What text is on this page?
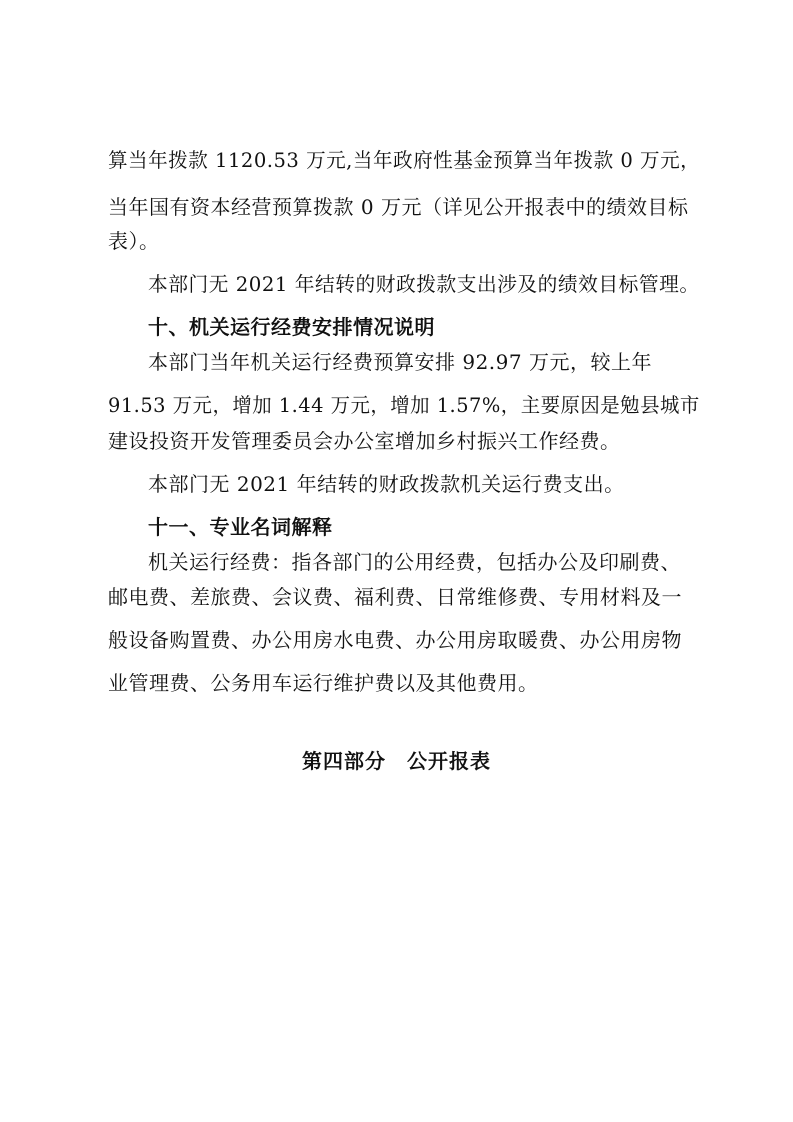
算当年拨款 1120.53 万元,当年政府性基金预算当年拨款 0 万元，
当年国有资本经营预算拨款 0 万元（详见公开报表中的绩效目标
表）。
本部门无 2021 年结转的财政拨款支出涉及的绩效目标管理。
十、机关运行经费安排情况说明
本部门当年机关运行经费预算安排 92.97 万元，较上年
91.53 万元，增加 1.44 万元，增加 1.57%，主要原因是勉县城市
建设投资开发管理委员会办公室增加乡村振兴工作经费。
本部门无 2021 年结转的财政拨款机关运行费支出。
十一、专业名词解释
机关运行经费：指各部门的公用经费，包括办公及印刷费、
邮电费、差旅费、会议费、福利费、日常维修费、专用材料及一
般设备购置费、办公用房水电费、办公用房取暖费、办公用房物
业管理费、公务用车运行维护费以及其他费用。
第四部分　公开报表
